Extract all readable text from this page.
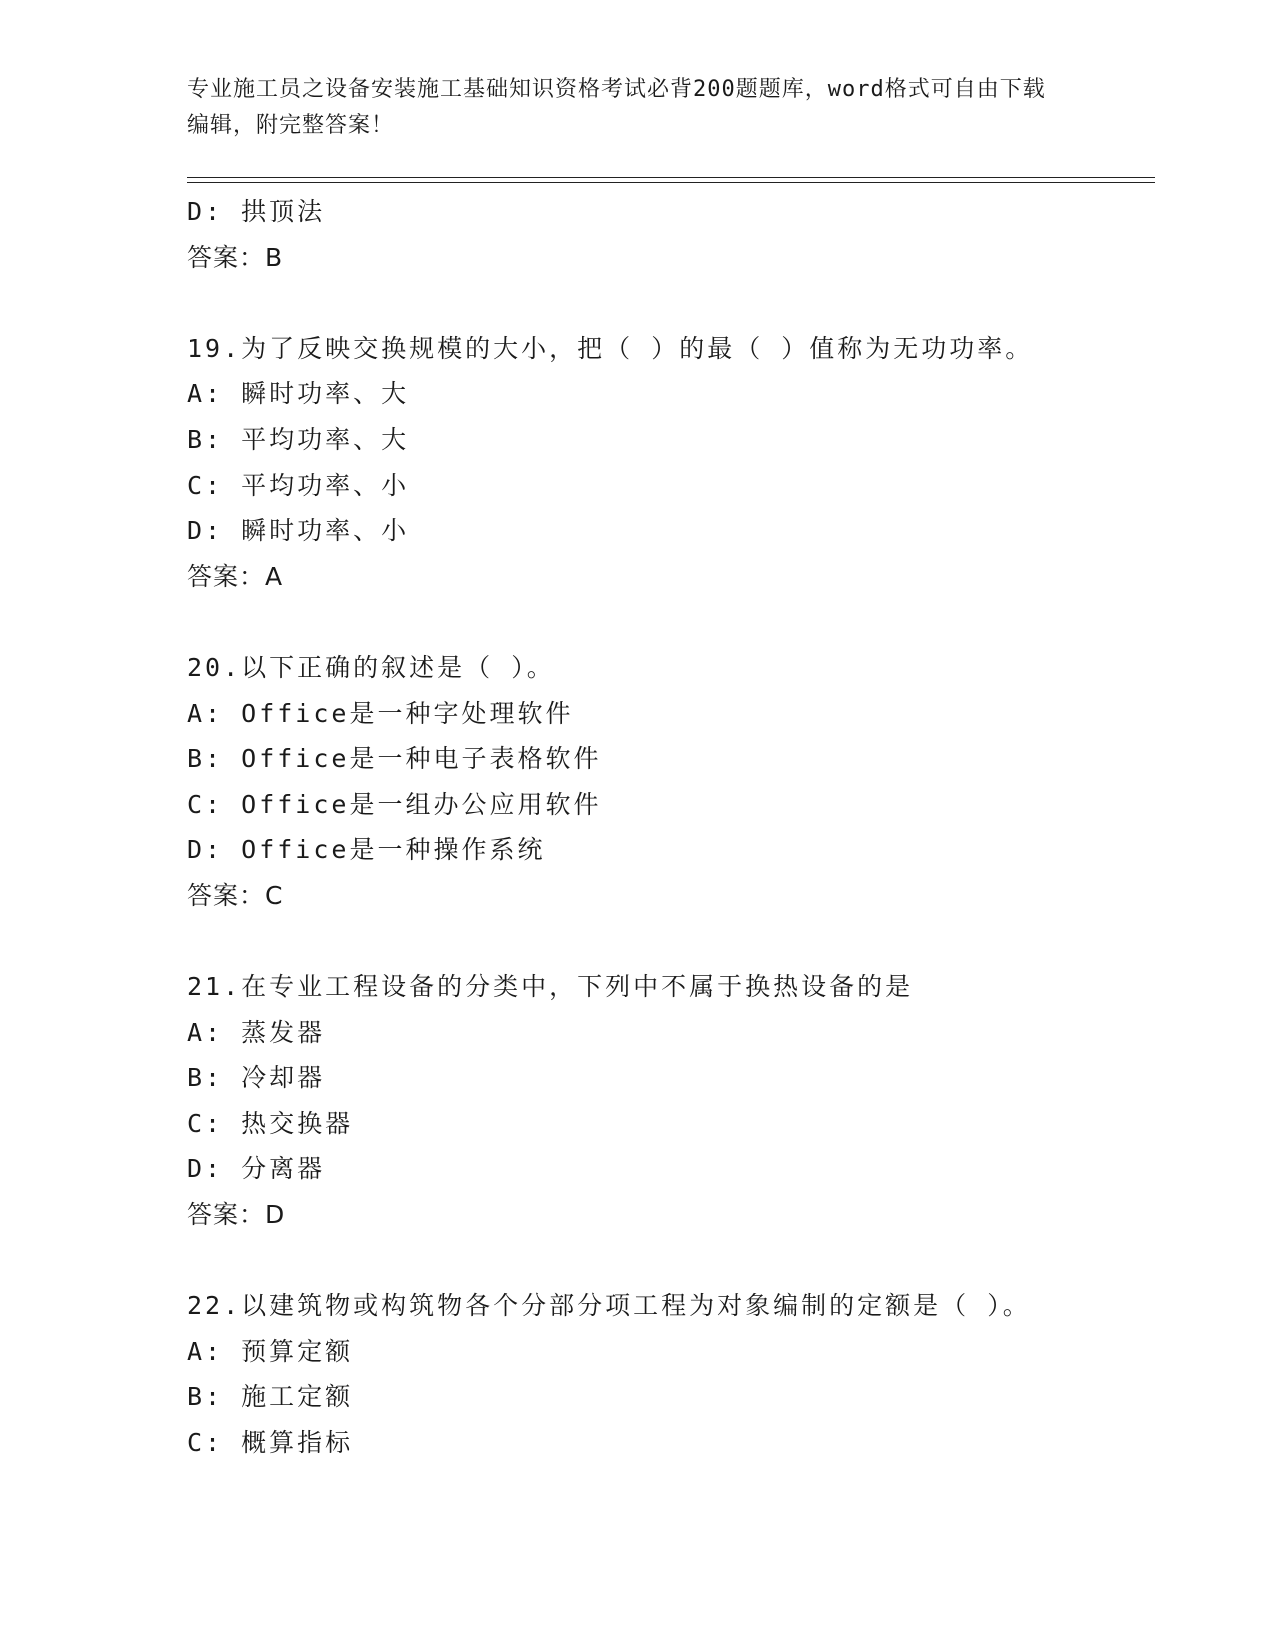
专业施工员之设备安装施工基础知识资格考试必背200题题库，word格式可自由下载编辑，附完整答案！
D: 拱顶法
答案：B
19.为了反映交换规模的大小，把（ ）的最（ ）值称为无功功率。
A: 瞬时功率、大
B: 平均功率、大
C: 平均功率、小
D: 瞬时功率、小
答案：A
20.以下正确的叙述是（ ）。
A: Office是一种字处理软件
B: Office是一种电子表格软件
C: Office是一组办公应用软件
D: Office是一种操作系统
答案：C
21.在专业工程设备的分类中，下列中不属于换热设备的是
A: 蒸发器
B: 冷却器
C: 热交换器
D: 分离器
答案：D
22.以建筑物或构筑物各个分部分项工程为对象编制的定额是（ ）。
A: 预算定额
B: 施工定额
C: 概算指标
